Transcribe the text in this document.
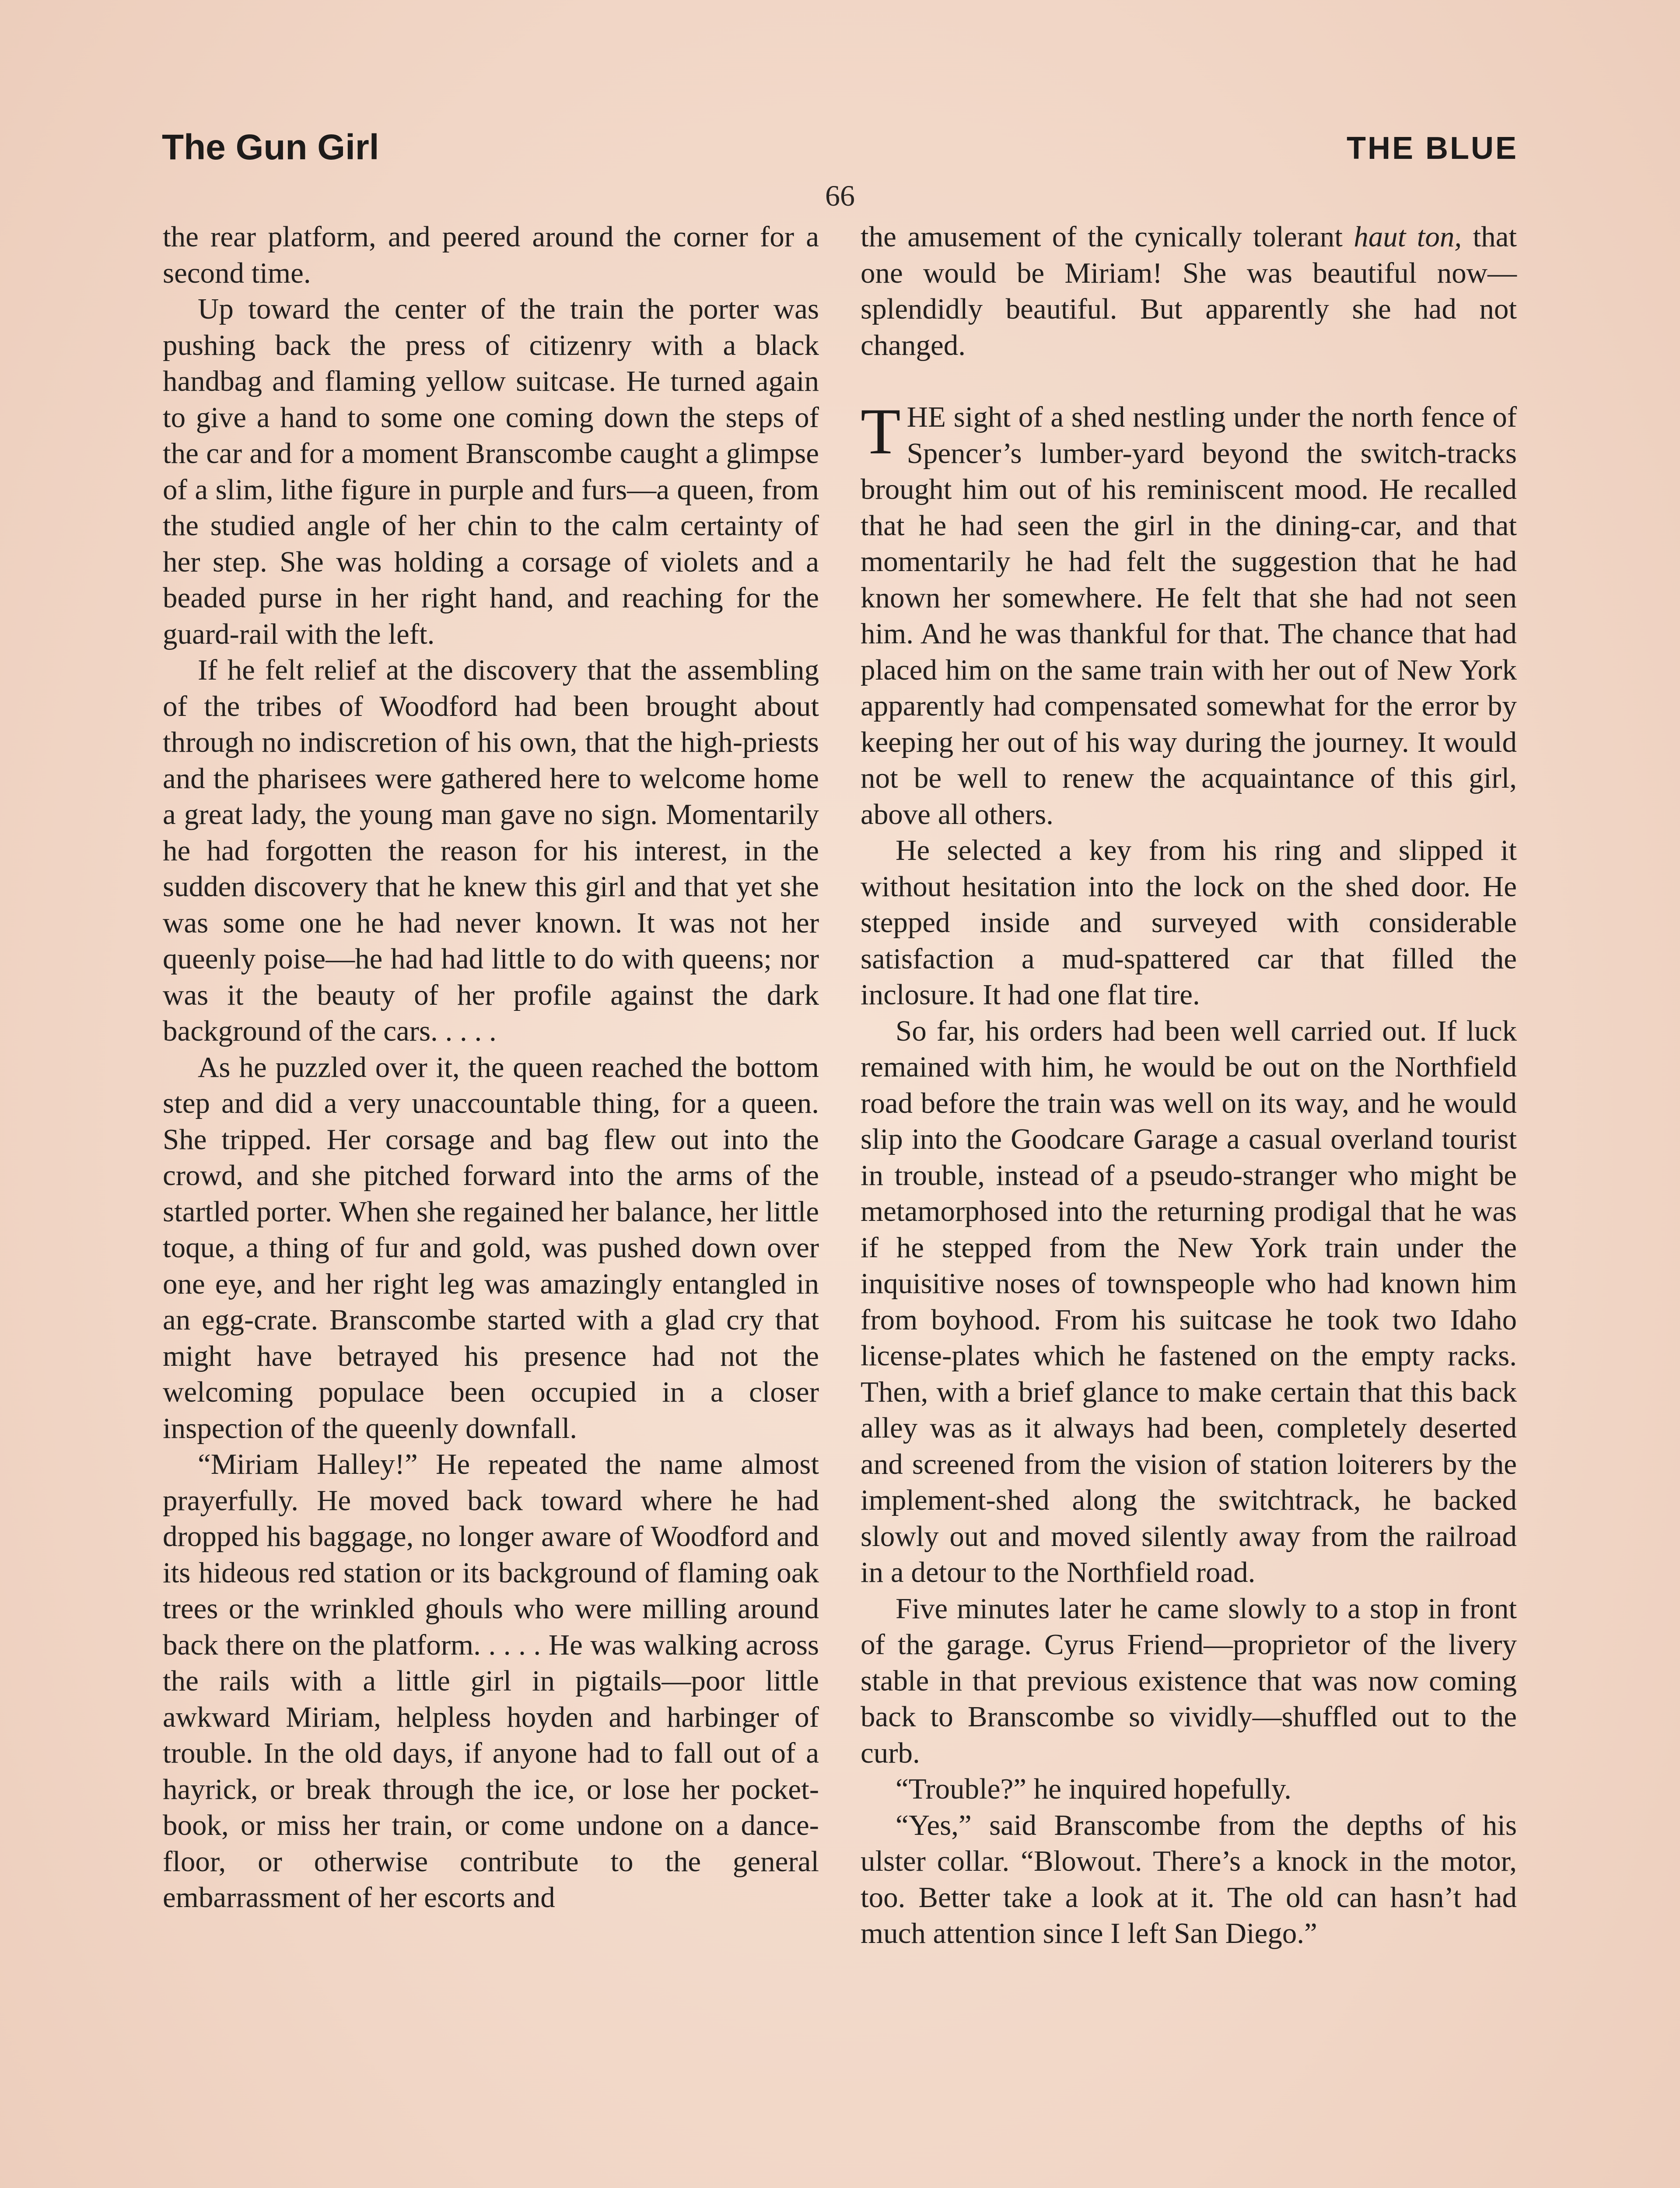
The Gun Girl	THE BLUE
66

the rear platform, and peered around the corner for a second time.

Up toward the center of the train the porter was pushing back the press of citizenry with a black handbag and flaming yellow suitcase. He turned again to give a hand to some one coming down the steps of the car and for a moment Branscombe caught a glimpse of a slim, lithe figure in purple and furs—a queen, from the studied angle of her chin to the calm certainty of her step. She was holding a corsage of violets and a beaded purse in her right hand, and reaching for the guard-rail with the left.

If he felt relief at the discovery that the assembling of the tribes of Woodford had been brought about through no indiscretion of his own, that the high-priests and the pharisees were gathered here to welcome home a great lady, the young man gave no sign. Momentarily he had forgotten the reason for his interest, in the sudden discovery that he knew this girl and that yet she was some one he had never known. It was not her queenly poise—he had had little to do with queens; nor was it the beauty of her profile against the dark background of the cars. . . . .

As he puzzled over it, the queen reached the bottom step and did a very unaccountable thing, for a queen. She tripped. Her corsage and bag flew out into the crowd, and she pitched forward into the arms of the startled porter. When she regained her balance, her little toque, a thing of fur and gold, was pushed down over one eye, and her right leg was amazingly entangled in an egg-crate. Branscombe started with a glad cry that might have betrayed his presence had not the welcoming populace been occupied in a closer inspection of the queenly downfall.

“Miriam Halley!” He repeated the name almost prayerfully. He moved back toward where he had dropped his baggage, no longer aware of Woodford and its hideous red station or its background of flaming oak trees or the wrinkled ghouls who were milling around back there on the platform. . . . . He was walking across the rails with a little girl in pigtails—poor little awkward Miriam, helpless hoyden and harbinger of trouble. In the old days, if anyone had to fall out of a hayrick, or break through the ice, or lose her pocketbook, or miss her train, or come undone on a dance-floor, or otherwise contribute to the general embarrassment of her escorts and

the amusement of the cynically tolerant haut ton, that one would be Miriam! She was beautiful now—splendidly beautiful. But apparently she had not changed.

THE sight of a shed nestling under the north fence of Spencer’s lumber-yard beyond the switch-tracks brought him out of his reminiscent mood. He recalled that he had seen the girl in the dining-car, and that momentarily he had felt the suggestion that he had known her somewhere. He felt that she had not seen him. And he was thankful for that. The chance that had placed him on the same train with her out of New York apparently had compensated somewhat for the error by keeping her out of his way during the journey. It would not be well to renew the acquaintance of this girl, above all others.

He selected a key from his ring and slipped it without hesitation into the lock on the shed door. He stepped inside and surveyed with considerable satisfaction a mud-spattered car that filled the inclosure. It had one flat tire.

So far, his orders had been well carried out. If luck remained with him, he would be out on the Northfield road before the train was well on its way, and he would slip into the Goodcare Garage a casual overland tourist in trouble, instead of a pseudo-stranger who might be metamorphosed into the returning prodigal that he was if he stepped from the New York train under the inquisitive noses of townspeople who had known him from boyhood. From his suitcase he took two Idaho license-plates which he fastened on the empty racks. Then, with a brief glance to make certain that this back alley was as it always had been, completely deserted and screened from the vision of station loiterers by the implement-shed along the switchtrack, he backed slowly out and moved silently away from the railroad in a detour to the Northfield road.

Five minutes later he came slowly to a stop in front of the garage. Cyrus Friend—proprietor of the livery stable in that previous existence that was now coming back to Branscombe so vividly—shuffled out to the curb.

“Trouble?” he inquired hopefully.

“Yes,” said Branscombe from the depths of his ulster collar. “Blowout. There’s a knock in the motor, too. Better take a look at it. The old can hasn’t had much attention since I left San Diego.”
